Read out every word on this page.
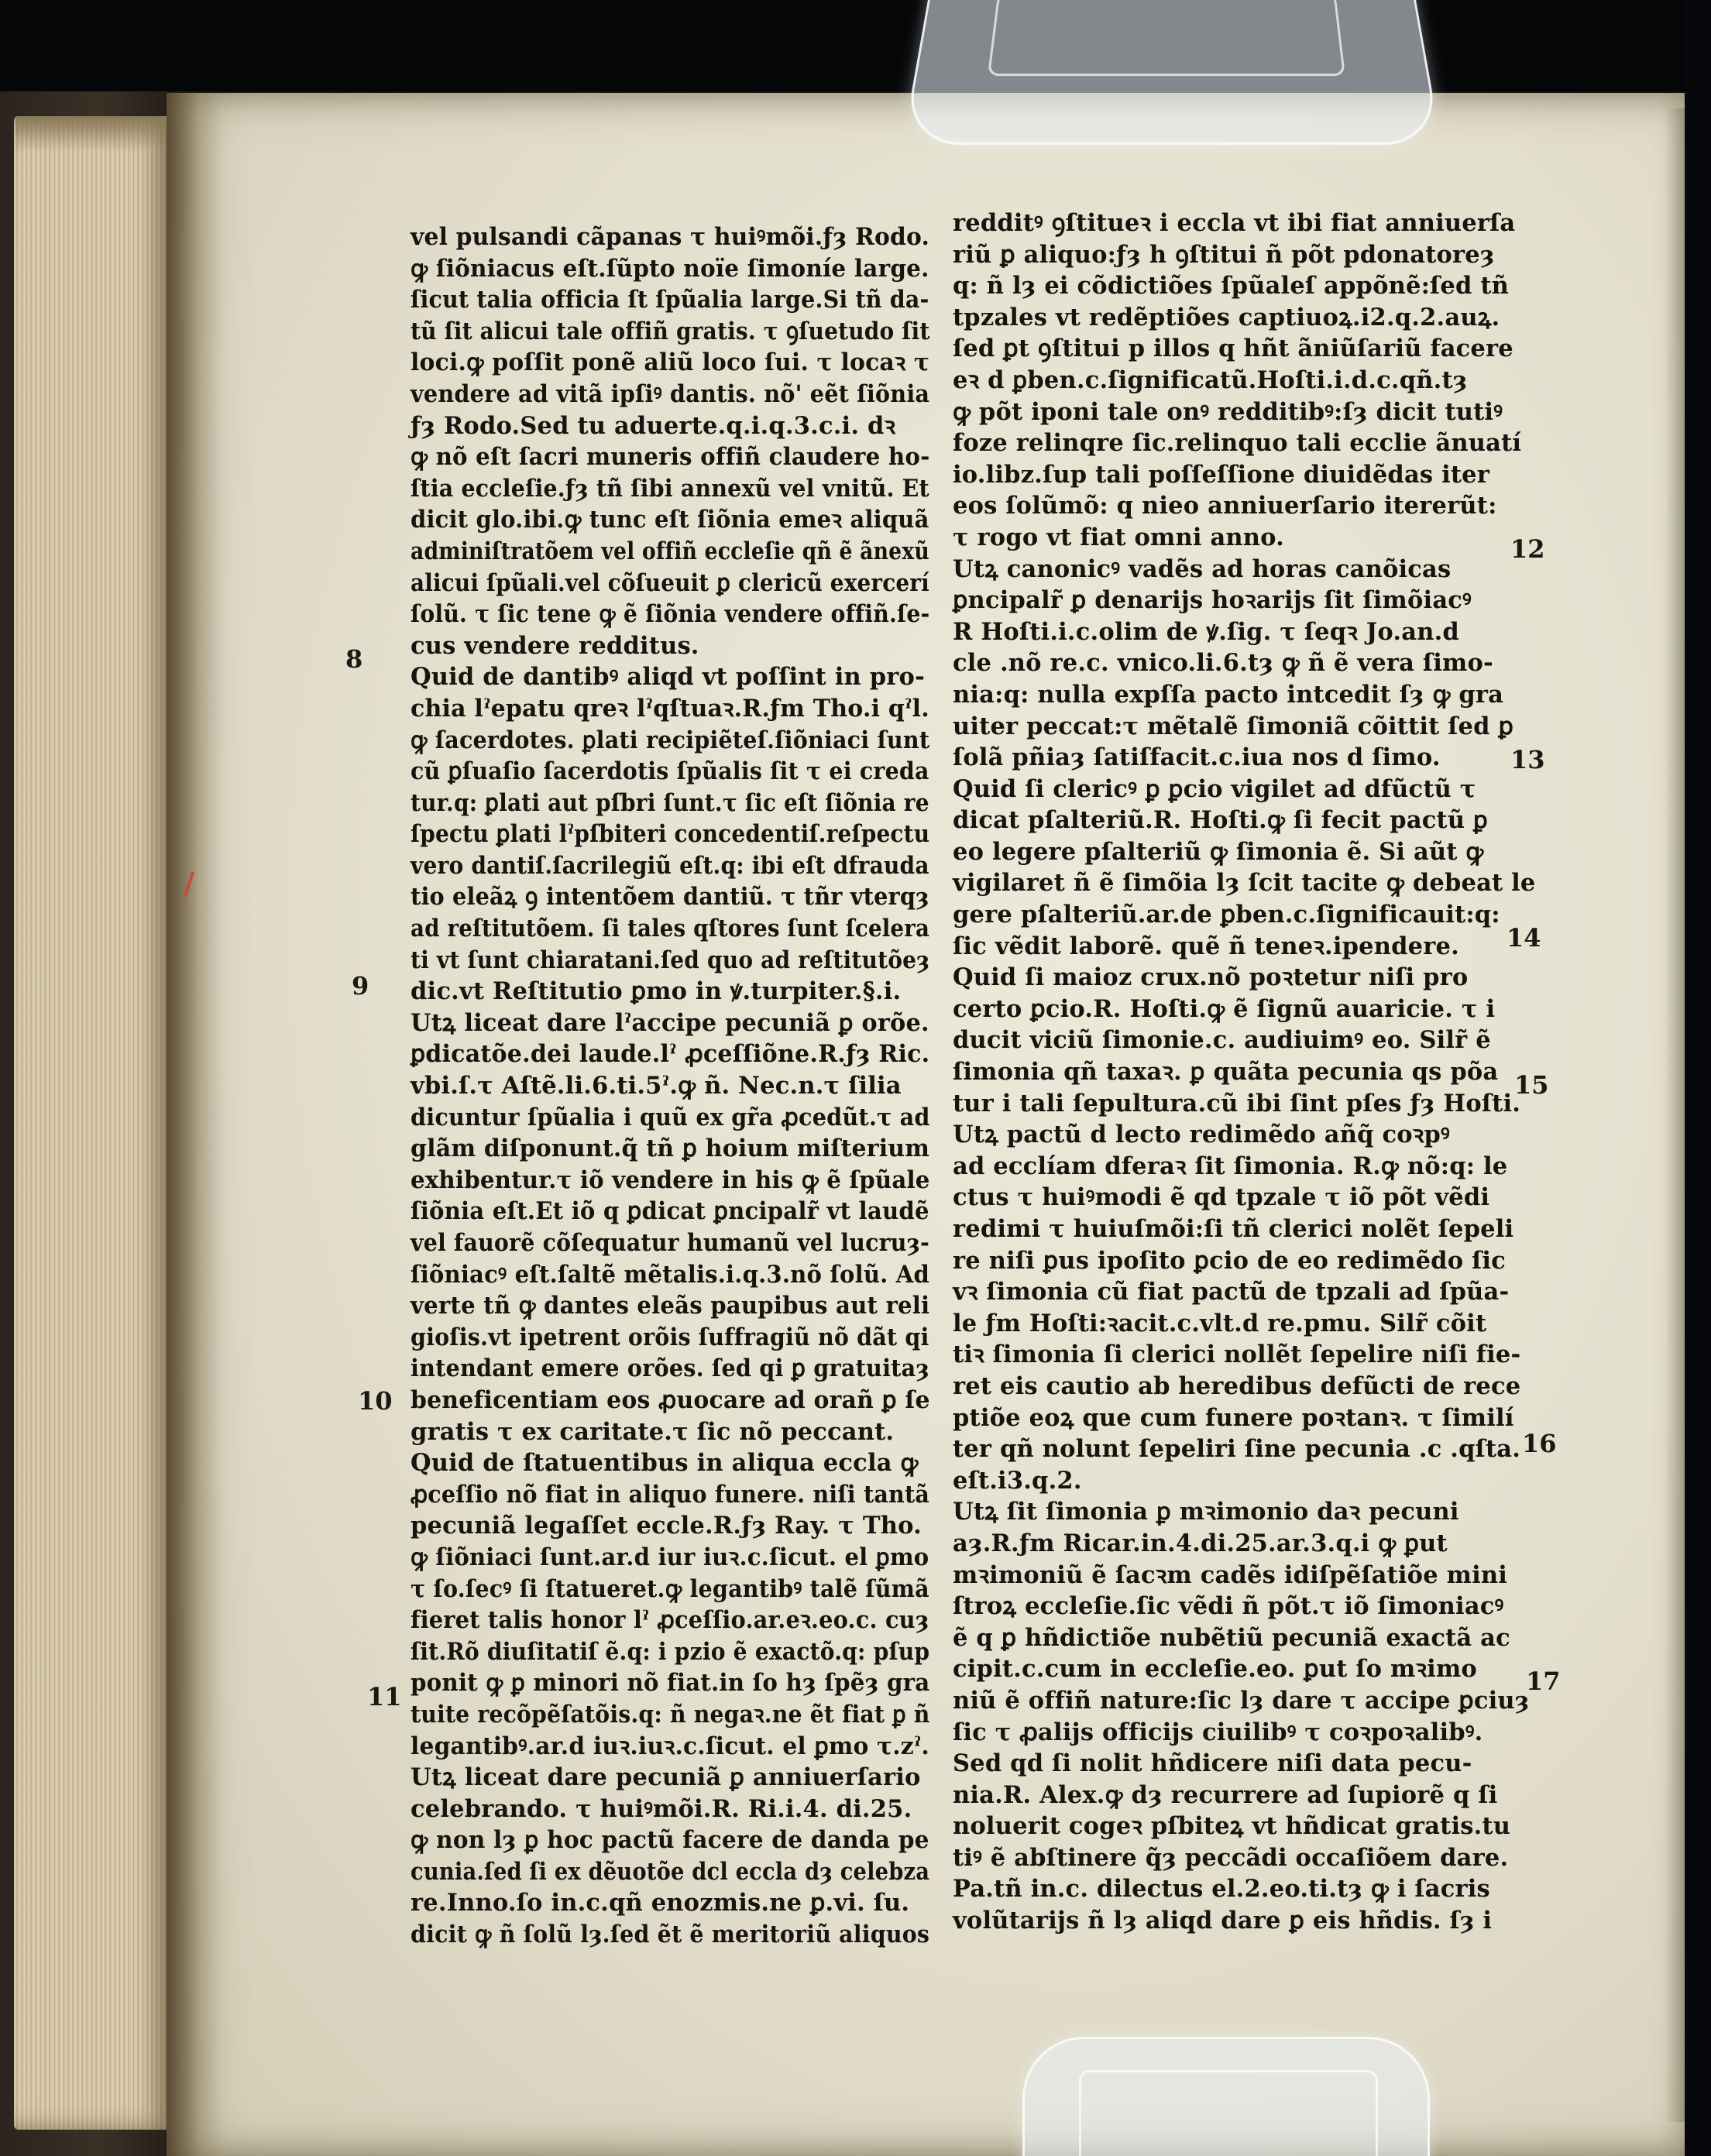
vel pulsandi cãpanas τ huiꝰmõi.ƒȝ Rodo.
ꝙ ſiõniacus eſt.ſũpto noïe ſimoníe large.
ſicut talia officia ſt ſpũalia large.Si tñ da-
tũ ſit alicui tale offiñ gratis. τ ꝯſuetudo ſit
loci.ꝙ poſſit ponẽ aliũ loco ſui. τ locaꝛ τ
vendere ad vitã ipſiꝰ dantis. nõ' eẽt ſiõnia
ƒȝ Rodo.Sed tu aduerte.q.i.q.3.c.i. dꝛ
ꝙ nõ eſt ſacri muneris offiñ claudere ho-
ſtia eccleſie.ƒȝ tñ ſibi annexũ vel vnitũ. Et
dicit glo.ibi.ꝙ tunc eſt ſiõnia emeꝛ aliquã
adminiſtratõem vel offiñ eccleſie qñ ẽ ãnexũ
alicui ſpũali.vel cõſueuit ꝑ clericũ exercerí
ſolũ. τ ſic tene ꝙ ẽ ſiõnia vendere offiñ.ſe-
cus vendere redditus.
Quid de dantibꝰ aliqd vt poſſint in pro-
chia lˀepatu qreꝛ lˀqſtuaꝛ.R.ƒm Tho.i qˀl.
ꝙ ſacerdotes. ꝑlati recipiẽteſ.ſiõniaci ſunt
cũ ꝑſuaſio ſacerdotis ſpũalis ſit τ ei creda
tur.q: ꝑlati aut pſbri ſunt.τ ſic eſt ſiõnia re
ſpectu ꝑlati lˀpſbiteri concedentiſ.reſpectu
vero dantiſ.ſacrilegiũ eſt.q: ibi eſt dfrauda
tio eleãꝝ ꝯ intentõem dantiũ. τ tñr vterqȝ
ad reſtitutõem. ſi tales qſtores ſunt ſcelera
ti vt ſunt chiaratani.ſed quo ad reſtitutõeȝ
dic.vt Reſtitutio ꝑmo in ꝟ.turpiter.§.i.
Utꝝ liceat dare lˀaccipe pecuniã ꝑ orõe.
ꝑdicatõe.dei laude.lˀ ꝓceſſiõne.R.ƒȝ Ric.
vbi.ſ.τ Aſtẽ.li.6.ti.5ˀ.ꝙ ñ. Nec.n.τ ſilia
dicuntur ſpũalia i quũ ex gr̃a ꝓcedũt.τ ad
glãm diſponunt.q̃ tñ ꝑ hoium miſterium
exhibentur.τ iõ vendere in his ꝙ ẽ ſpũale
ſiõnia eſt.Et iõ q ꝑdicat ꝑncipalr̃ vt laudẽ
vel fauorẽ cõſequatur humanũ vel lucruȝ-
ſiõniacꝰ eſt.ſaltẽ mẽtalis.i.q.3.nõ ſolũ. Ad
verte tñ ꝙ dantes eleãs paupibus aut reli
gioſis.vt ipetrent orõis ſuffragiũ nõ dãt qi
intendant emere orões. ſed qi ꝑ gratuitaȝ
beneficentiam eos ꝓuocare ad orañ ꝑ ſe
gratis τ ex caritate.τ ſic nõ peccant.
Quid de ſtatuentibus in aliqua eccla ꝙ
ꝓceſſio nõ fiat in aliquo funere. niſi tantã
pecuniã legaſſet eccle.R.ƒȝ Ray. τ Tho.
ꝙ ſiõniaci ſunt.ar.d iur iuꝛ.c.ſicut. el ꝑmo
τ ſo.ſecꝰ ſi ſtatueret.ꝙ legantibꝰ talẽ ſũmã
fieret talis honor lˀ ꝓceſſio.ar.eꝛ.eo.c. cuȝ
ſit.Rõ diuſitatiſ ẽ.q: i pzio ẽ exactõ.q: pſup
ponit ꝙ ꝑ minori nõ fiat.in ſo hȝ ſpẽȝ gra
tuite recõpẽſatõis.q: ñ negaꝛ.ne ẽt fiat ꝑ ñ
legantibꝰ.ar.d iuꝛ.iuꝛ.c.ſicut. el ꝑmo τ.zˀ.
Utꝝ liceat dare pecuniã ꝑ anniuerſario
celebrando. τ huiꝰmõi.R. Ri.i.4. di.25.
ꝙ non lȝ ꝑ hoc pactũ facere de danda pe
cunia.ſed ſi ex dẽuotõe dcl eccla dȝ celebza
re.Inno.ſo in.c.qñ enozmis.ne ꝑ.vi. ſu.
dicit ꝙ ñ ſolũ lȝ.ſed ẽt ẽ meritoriũ aliquos
redditꝰ ꝯſtitueꝛ i eccla vt ibi fiat anniuerſa
riũ ꝑ aliquo:ƒȝ h ꝯſtitui ñ põt pdonatoreȝ
q: ñ lȝ ei cõdictiões ſpũaleſ appõnẽ:ſed tñ
tpzales vt redẽptiões captiuoꝝ.i2.q.2.auꝝ.
ſed ꝑt ꝯſtitui p illos q hñt ãniũſariũ facere
eꝛ d ꝑben.c.ſignificatũ.Hoſti.i.d.c.qñ.tȝ
ꝙ põt iponi tale onꝰ redditibꝰ:ſȝ dicit tutiꝰ
foze relinqre ſic.relinquo tali ecclie ãnuatí
io.libz.ſup tali poſſeſſione diuidẽdas iter
eos ſolũmõ: q nieo anniuerſario itererũt:
τ rogo vt fiat omni anno.
Utꝝ canonicꝰ vadẽs ad horas canõicas
ꝑncipalr̃ ꝑ denarijs hoꝛarijs ſit ſimõiacꝰ
R Hoſti.i.c.olim de ꝟ.ſig. τ ſeqꝛ Jo.an.d
cle .nõ re.c. vnico.li.6.tȝ ꝙ ñ ẽ vera ſimo-
nia:q: nulla expſſa pacto intcedit ſȝ ꝙ gra
uiter peccat:τ mẽtalẽ ſimoniã cõittit ſed ꝑ
ſolã pñiaȝ ſatiſfacit.c.iua nos d ſimo.
Quid ſi clericꝰ ꝑ ꝑcio vigilet ad dfũctũ τ
dicat pſalteriũ.R. Hoſti.ꝙ ſi fecit pactũ ꝑ
eo legere pſalteriũ ꝙ ſimonia ẽ. Si aũt ꝙ
vigilaret ñ ẽ ſimõia lȝ ſcit tacite ꝙ debeat le
gere pſalteriũ.ar.de ꝑben.c.ſignificauit:q:
ſic vẽdit laborẽ. quẽ ñ teneꝛ.ipendere.
Quid ſi maioz crux.nõ poꝛtetur niſi pro
certo ꝑcio.R. Hoſti.ꝙ ẽ ſignũ auaricie. τ i
ducit viciũ ſimonie.c. audiuimꝰ eo. Silr̃ ẽ
ſimonia qñ taxaꝛ. ꝑ quãta pecunia qs põa
tur i tali ſepultura.cũ ibi ſint pſes ƒȝ Hoſti.
Utꝝ pactũ d lecto redimẽdo añq̃ coꝛpꝰ
ad ecclíam dferaꝛ ſit ſimonia. R.ꝙ nõ:q: le
ctus τ huiꝰmodi ẽ qd tpzale τ iõ põt vẽdi
redimi τ huiuſmõi:ſi tñ clerici nolẽt ſepeli
re niſi ꝑus ipoſito ꝑcio de eo redimẽdo ſic
vꝛ ſimonia cũ fiat pactũ de tpzali ad ſpũa-
le ƒm Hoſti:ꝛacit.c.vlt.d re.pmu. Silr̃ cõit
tiꝛ ſimonia ſi clerici nollẽt ſepelire niſi fie-
ret eis cautio ab heredibus defũcti de rece
ptiõe eoꝝ que cum funere poꝛtanꝛ. τ ſimilí
ter qñ nolunt ſepeliri ſine pecunia .c .qſta.
eſt.i3.q.2.
Utꝝ ſit ſimonia ꝑ mꝛimonio daꝛ pecuni
aȝ.R.ƒm Ricar.in.4.di.25.ar.3.q.i ꝙ ꝑut
mꝛimoniũ ẽ ſacꝛm cadẽs idiſpẽſatiõe mini
ſtroꝝ eccleſie.ſic vẽdi ñ põt.τ iõ ſimoniacꝰ
ẽ q ꝑ hñdictiõe nubẽtiũ pecuniã exactã ac
cipit.c.cum in eccleſie.eo. ꝑut ſo mꝛimo
niũ ẽ offiñ nature:ſic lȝ dare τ accipe ꝑciuȝ
ſic τ ꝓalijs officijs ciuilibꝰ τ coꝛpoꝛalibꝰ.
Sed qd ſi nolit hñdicere niſi data pecu-
nia.R. Alex.ꝙ dȝ recurrere ad ſupiorẽ q ſi
noluerit cogeꝛ pſbiteꝝ vt hñdicat gratis.tu
tiꝰ ẽ abſtinere q̃ȝ peccãdi occaſiõem dare.
Pa.tñ in.c. dilectus el.2.eo.ti.tȝ ꝙ i ſacris
volũtarijs ñ lȝ aliqd dare ꝑ eis hñdis. ſȝ i
8
9
10
11
12
13
14
15
16
17
